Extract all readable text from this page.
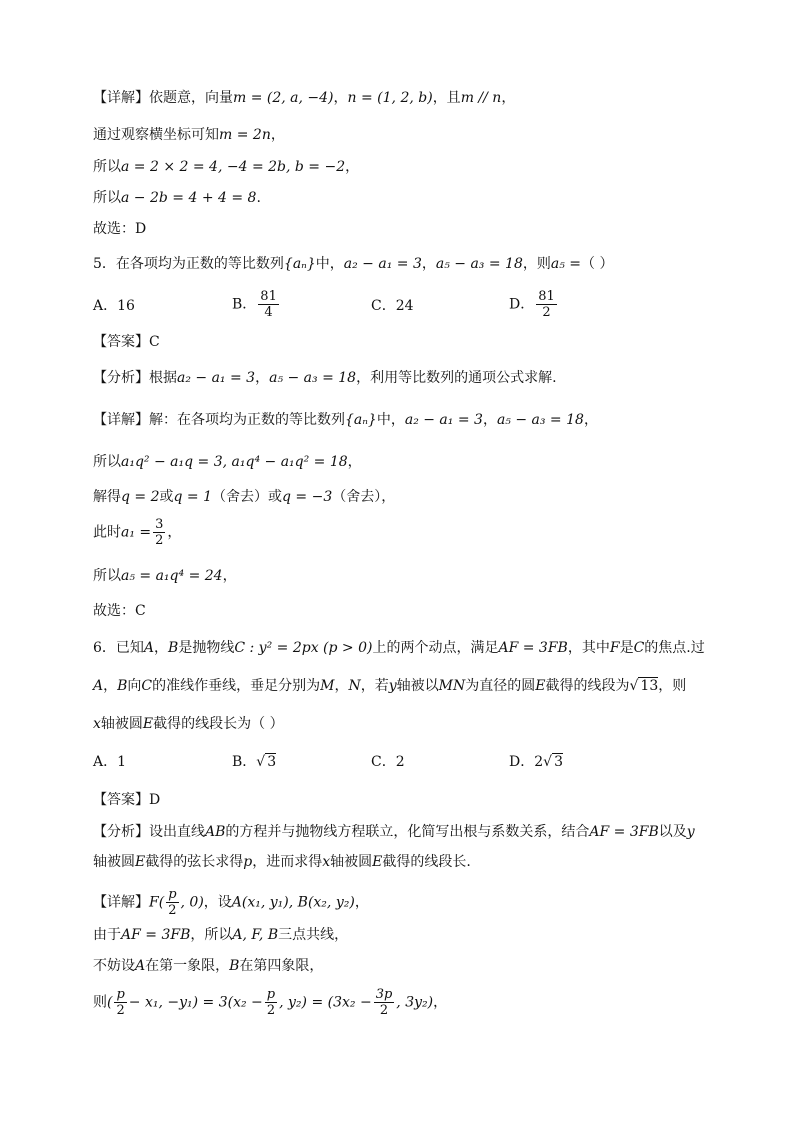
【详解】依题意，向量m = (2, a, −4)，n = (1, 2, b)，且m // n，
通过观察横坐标可知m = 2n，
所以a = 2 × 2 = 4, −4 = 2b, b = −2，
所以a − 2b = 4 + 4 = 8.
故选：D
5．在各项均为正数的等比数列{aₙ}中，a₂ − a₁ = 3，a₅ − a₃ = 18，则a₅ =（ ）
A．16	B． $\frac{81}{4}$	C．24	D． $\frac{81}{2}$
【答案】C
【分析】根据a₂ − a₁ = 3，a₅ − a₃ = 18，利用等比数列的通项公式求解.
【详解】解：在各项均为正数的等比数列{aₙ}中，a₂ − a₁ = 3，a₅ − a₃ = 18，
所以a₁q² − a₁q = 3, a₁q⁴ − a₁q² = 18，
解得q = 2或q = 1（舍去）或q = −3（舍去），
此时$a_1 = \frac{3}{2}$ ，
所以a₅ = a₁q⁴ = 24，
故选：C
6．已知A，B是抛物线C : y² = 2px (p > 0)上的两个动点，满足AF = 3FB，其中F是C的焦点.过
A，B向C的准线作垂线，垂足分别为M，N，若y轴被以MN为直径的圆E截得的线段为√ 13，则
x轴被圆E截得的线段长为（ ）
A．1	B．√ 3	C．2	D．2√ 3
【答案】D
【分析】设出直线AB的方程并与抛物线方程联立，化简写出根与系数关系，结合AF = 3FB以及y
轴被圆E截得的弦长求得p，进而求得x轴被圆E截得的线段长.
【详解】$F( \frac{p}{2}$ , 0)，设A(x₁, y₁), B(x₂, y₂)，
由于AF = 3FB，所以A, F, B三点共线，
不妨设A在第一象限，B在第四象限，
则( $\frac{p}{2} - x_1$, $-y_1) = 3(x_2 - \frac{p}{2}$ , $y_2) = (3x_2 - \frac{3p}{2}$ , 3y₂)，
